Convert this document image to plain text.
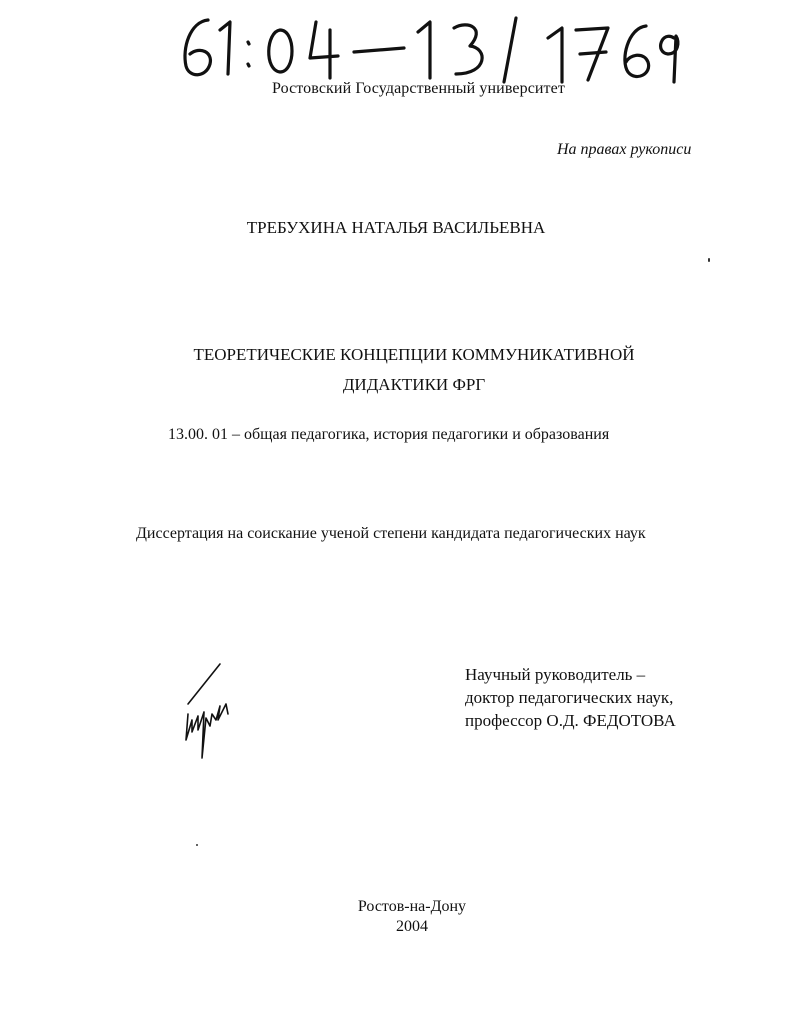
Ростовский Государственный университет
На правах рукописи
ТРЕБУХИНА НАТАЛЬЯ ВАСИЛЬЕВНА
ТЕОРЕТИЧЕСКИЕ КОНЦЕПЦИИ КОММУНИКАТИВНОЙ
ДИДАКТИКИ ФРГ
13.00. 01 – общая педагогика, история педагогики и образования
Диссертация на соискание ученой степени кандидата педагогических наук
Научный руководитель –
доктор педагогических наук,
профессор О.Д. ФЕДОТОВА
Ростов-на-Дону
2004
